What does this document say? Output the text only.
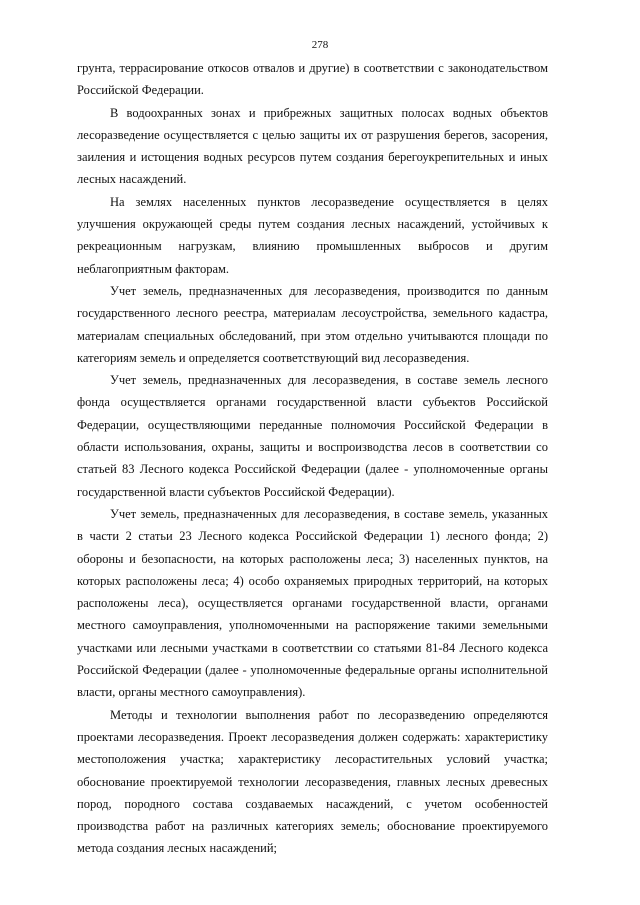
278

грунта, террасирование откосов отвалов и другие) в соответствии с законодательством Российской Федерации.

В водоохранных зонах и прибрежных защитных полосах водных объектов лесоразведение осуществляется с целью защиты их от разрушения берегов, засорения, заиления и истощения водных ресурсов путем создания берегоукрепительных и иных лесных насаждений.

На землях населенных пунктов лесоразведение осуществляется в целях улучшения окружающей среды путем создания лесных насаждений, устойчивых к рекреационным нагрузкам, влиянию промышленных выбросов и другим неблагоприятным факторам.

Учет земель, предназначенных для лесоразведения, производится по данным государственного лесного реестра, материалам лесоустройства, земельного кадастра, материалам специальных обследований, при этом отдельно учитываются площади по категориям земель и определяется соответствующий вид лесоразведения.

Учет земель, предназначенных для лесоразведения, в составе земель лесного фонда осуществляется органами государственной власти субъектов Российской Федерации, осуществляющими переданные полномочия Российской Федерации в области использования, охраны, защиты и воспроизводства лесов в соответствии со статьей 83 Лесного кодекса Российской Федерации (далее - уполномоченные органы государственной власти субъектов Российской Федерации).

Учет земель, предназначенных для лесоразведения, в составе земель, указанных в части 2 статьи 23 Лесного кодекса Российской Федерации 1) лесного фонда; 2) обороны и безопасности, на которых расположены леса; 3) населенных пунктов, на которых расположены леса; 4) особо охраняемых природных территорий, на которых расположены леса), осуществляется органами государственной власти, органами местного самоуправления, уполномоченными на распоряжение такими земельными участками или лесными участками в соответствии со статьями 81-84 Лесного кодекса Российской Федерации (далее - уполномоченные федеральные органы исполнительной власти, органы местного самоуправления).

Методы и технологии выполнения работ по лесоразведению определяются проектами лесоразведения. Проект лесоразведения должен содержать: характеристику местоположения участка; характеристику лесорастительных условий участка; обоснование проектируемой технологии лесоразведения, главных лесных древесных пород, породного состава создаваемых насаждений, с учетом особенностей производства работ на различных категориях земель; обоснование проектируемого метода создания лесных насаждений;
